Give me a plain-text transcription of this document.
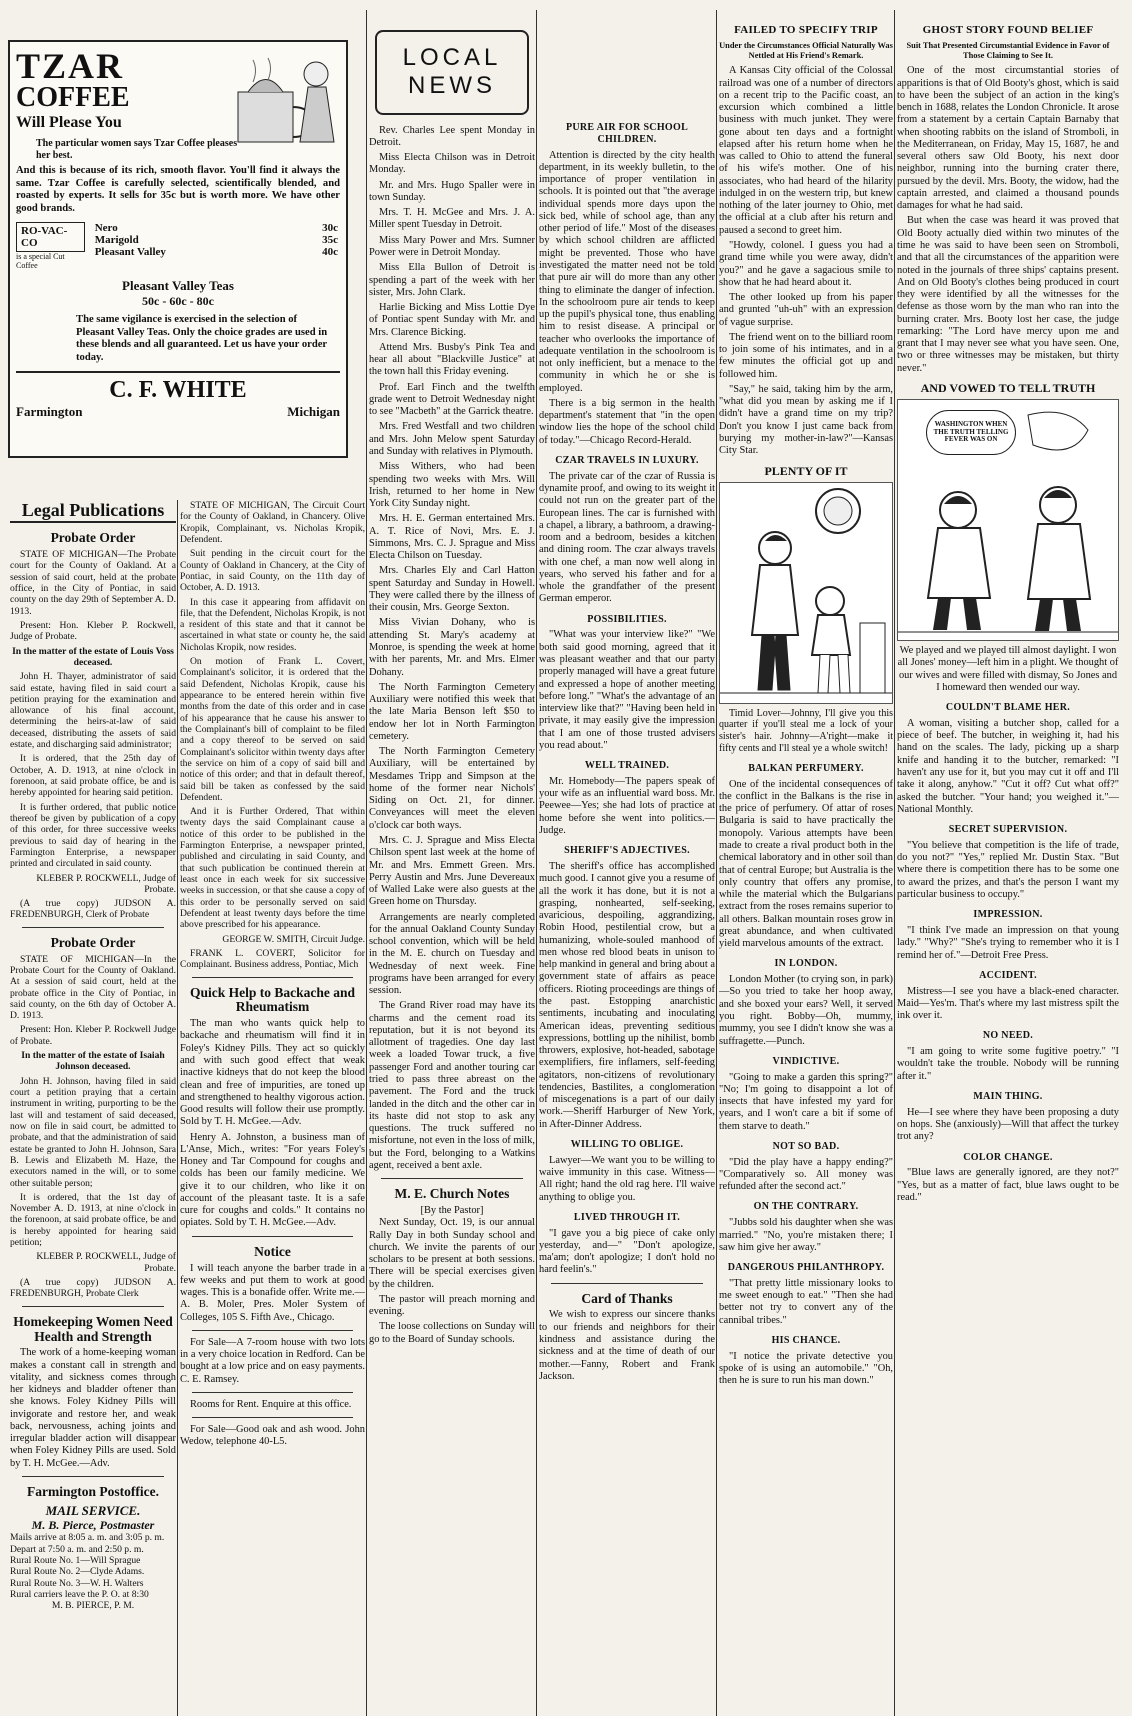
TZAR
COFFEE
Will Please You
The particular women says Tzar Coffee pleases her best.
And this is because of its rich, smooth flavor. You'll find it always the same. Tzar Coffee is carefully selected, scientifically blended, and roasted by experts. It sells for 35c but is worth more. We have other good brands.
RO-VAC-CO
is a special Cut Coffee
Nero	30c
Marigold	35c
Pleasant Valley	40c
Pleasant Valley Teas
50c - 60c - 80c
The same vigilance is exercised in the selection of Pleasant Valley Teas. Only the choice grades are used in these blends and all guaranteed. Let us have your order today.
C. F. WHITE
Farmington	Michigan
Legal Publications
Probate Order

STATE OF MICHIGAN—The Probate court for the County of Oakland. At a session of said court, held at the probate office, in the City of Pontiac, in said county on the day 29th of September A. D. 1913.

Present: Hon. Kleber P. Rockwell, Judge of Probate.

In the matter of the estate of Louis Voss deceased.

John H. Thayer, administrator of said said estate, having filed in said court a petition praying for the examination and allowance of his final account, determining the heirs-at-law of said deceased, distributing the assets of said estate, and discharging said administrator;

It is ordered, that the 25th day of October, A. D. 1913, at nine o'clock in forenoon, at said probate office, be and is hereby appointed for hearing said petition.

It is further ordered, that public notice thereof be given by publication of a copy of this order, for three successive weeks previous to said day of hearing in the Farmington Enterprise, a newspaper printed and circulated in said county.

KLEBER P. ROCKWELL, Judge of Probate.

(A true copy) JUDSON A. FREDENBURGH, Clerk of Probate

Probate Order

STATE OF MICHIGAN—In the Probate Court for the County of Oakland. At a session of said court, held at the probate office in the City of Pontiac, in said county, on the 6th day of October A. D. 1913.

Present: Hon. Kleber P. Rockwell Judge of Probate.

In the matter of the estate of Isaiah Johnson deceased.

John H. Johnson, having filed in said court a petition praying that a certain instrument in writing, purporting to be the last will and testament of said deceased, now on file in said court, be admitted to probate, and that the administration of said estate be granted to John H. Johnson, Sara B. Lewis and Elizabeth M. Haze, the executors named in the will, or to some other suitable person;

It is ordered, that the 1st day of November A. D. 1913, at nine o'clock in the forenoon, at said probate office, be and is hereby appointed for hearing said petition;

KLEBER P. ROCKWELL, Judge of Probate.

(A true copy) JUDSON A. FREDENBURGH, Probate Clerk

Homekeeping Women Need Health and Strength

The work of a home-keeping woman makes a constant call in strength and vitality, and sickness comes through her kidneys and bladder oftener than she knows. Foley Kidney Pills will invigorate and restore her, and weak back, nervousness, aching joints and irregular bladder action will disappear when Foley Kidney Pills are used. Sold by T. H. McGee.—Adv.

Farmington Postoffice.
MAIL SERVICE.
M. B. Pierce, Postmaster
Mails arrive at 8:05 a. m. and 3:05 p. m.
Depart at 7:50 a. m. and 2:50 p. m.
Rural Route No. 1—Will Sprague
Rural Route No. 2—Clyde Adams.
Rural Route No. 3—W. H. Walters
Rural carriers leave the P. O. at 8:30
M. B. PIERCE, P. M.

STATE OF MICHIGAN, The Circuit Court for the County of Oakland, in Chancery. Olive Kropik, Complainant, vs. Nicholas Kropik, Defendent.

Suit pending in the circuit court for the County of Oakland in Chancery, at the City of Pontiac, in said County, on the 11th day of October, A. D. 1913.

In this case it appearing from affidavit on file, that the Defendent, Nicholas Kropik, is not a resident of this state and that it cannot be ascertained in what state or county he, the said Nicholas Kropik, now resides.

On motion of Frank L. Covert, Complainant's solicitor, it is ordered that the said Defendent, Nicholas Kropik, cause his appearance to be entered herein within five months from the date of this order and in case of his appearance that he cause his answer to the Complainant's bill of complaint to be filed and a copy thereof to be served on said Complainant's solicitor within twenty days after the service on him of a copy of said bill and notice of this order; and that in default thereof, said bill be taken as confessed by the said Defendent.

And it is Further Ordered, That within twenty days the said Complainant cause a notice of this order to be published in the Farmington Enterprise, a newspaper printed, published and circulating in said County, and that such publication be continued therein at least once in each week for six successive weeks in succession, or that she cause a copy of this order to be personally served on said Defendent at least twenty days before the time above prescribed for his appearance.

GEORGE W. SMITH, Circuit Judge.

FRANK L. COVERT, Solicitor for Complainant. Business address, Pontiac, Mich

Quick Help to Backache and Rheumatism

The man who wants quick help to backache and rheumatism will find it in Foley's Kidney Pills. They act so quickly and with such good effect that weak inactive kidneys that do not keep the blood clean and free of impurities, are toned up and strengthened to healthy vigorous action. Good results will follow their use promptly. Sold by T. H. McGee.—Adv.

Henry A. Johnston, a business man of L'Anse, Mich., writes: "For years Foley's Honey and Tar Compound for coughs and colds has been our family medicine. We give it to our children, who like it on account of the pleasant taste. It is a safe cure for coughs and colds." It contains no opiates. Sold by T. H. McGee.—Adv.

Notice

I will teach anyone the barber trade in a few weeks and put them to work at good wages. This is a bonafide offer. Write me.—A. B. Moler, Pres. Moler System of Colleges, 105 S. Fifth Ave., Chicago.

For Sale—A 7-room house with two lots in a very choice location in Redford. Can be bought at a low price and on easy payments. C. E. Ramsey.

Rooms for Rent. Enquire at this office.

For Sale—Good oak and ash wood. John Wedow, telephone 40-L5.

LOCAL NEWS

Rev. Charles Lee spent Monday in Detroit.

Miss Electa Chilson was in Detroit Monday.

Mr. and Mrs. Hugo Spaller were in town Sunday.

Mrs. T. H. McGee and Mrs. J. A. Miller spent Tuesday in Detroit.

Miss Mary Power and Mrs. Sumner Power were in Detroit Monday.

Miss Ella Bullon of Detroit is spending a part of the week with her sister, Mrs. John Clark.

Harlie Bicking and Miss Lottie Dye of Pontiac spent Sunday with Mr. and Mrs. Clarence Bicking.

Attend Mrs. Busby's Pink Tea and hear all about "Blackville Justice" at the town hall this Friday evening.

Prof. Earl Finch and the twelfth grade went to Detroit Wednesday night to see "Macbeth" at the Garrick theatre.

Mrs. Fred Westfall and two children and Mrs. John Melow spent Saturday and Sunday with relatives in Plymouth.

Miss Withers, who had been spending two weeks with Mrs. Will Irish, returned to her home in New York City Sunday night.

Mrs. H. E. German entertained Mrs. A. T. Rice of Novi, Mrs. E. J. Simmons, Mrs. C. J. Sprague and Miss Electa Chilson on Tuesday.

Mrs. Charles Ely and Carl Hatton spent Saturday and Sunday in Howell. They were called there by the illness of their cousin, Mrs. George Sexton.

Miss Vivian Dohany, who is attending St. Mary's academy at Monroe, is spending the week at home with her parents, Mr. and Mrs. Elmer Dohany.

The North Farmington Cemetery Auxiliary were notified this week that the late Maria Benson left $50 to endow her lot in North Farmington cemetery.

The North Farmington Cemetery Auxiliary, will be entertained by Mesdames Tripp and Simpson at the home of the former near Nichols' Siding on Oct. 21, for dinner. Conveyances will meet the eleven o'clock car both ways.

Mrs. C. J. Sprague and Miss Electa Chilson spent last week at the home of Mr. and Mrs. Emmett Green. Mrs. Perry Austin and Mrs. June Devereaux of Walled Lake were also guests at the Green home on Thursday.

Arrangements are nearly completed for the annual Oakland County Sunday school convention, which will be held in the M. E. church on Tuesday and Wednesday of next week. Fine programs have been arranged for every session.

The Grand River road may have its charms and the cement road its reputation, but it is not beyond its allotment of tragedies. One day last week a loaded Towar truck, a five passenger Ford and another touring car tried to pass three abreast on the pavement. The Ford and the truck landed in the ditch and the other car in its haste did not stop to ask any questions. The truck suffered no misfortune, not even in the loss of milk, but the Ford, belonging to a Watkins agent, received a bent axle.

M. E. Church Notes
[By the Pastor]

Next Sunday, Oct. 19, is our annual Rally Day in both Sunday school and church. We invite the parents of our scholars to be present at both sessions. There will be special exercises given by the children.

The pastor will preach morning and evening.

The loose collections on Sunday will go to the Board of Sunday schools.

PURE AIR FOR SCHOOL CHILDREN.

Attention is directed by the city health department, in its weekly bulletin, to the importance of proper ventilation in schools. It is pointed out that "the average individual spends more days upon the sick bed, while of school age, than any other period of life." Most of the diseases by which school children are afflicted might be prevented. Those who have investigated the matter need not be told that pure air will do more than any other thing to eliminate the danger of infection. In the schoolroom pure air tends to keep up the pupil's physical tone, thus enabling him to resist disease. A principal or teacher who overlooks the importance of adequate ventilation in the schoolroom is not only inefficient, but a menace to the community in which he or she is employed.

There is a big sermon in the health department's statement that "in the open window lies the hope of the school child of today."—Chicago Record-Herald.

CZAR TRAVELS IN LUXURY.

The private car of the czar of Russia is dynamite proof, and owing to its weight it could not run on the greater part of the European lines. The car is furnished with a chapel, a library, a bathroom, a drawing-room and a bedroom, besides a kitchen and dining room. The czar always travels with one chef, a man now well along in years, who served his father and for a whole the grandfather of the present German emperor.

POSSIBILITIES.

"What was your interview like?" "We both said good morning, agreed that it was pleasant weather and that our party properly managed will have a great future and expressed a hope of another meeting before long." "What's the advantage of an interview like that?" "Having been held in private, it may easily give the impression that I am one of those trusted advisers you read about."

WELL TRAINED.

Mr. Homebody—The papers speak of your wife as an influential ward boss. Mr. Peewee—Yes; she had lots of practice at home before she went into politics.—Judge.

SHERIFF'S ADJECTIVES.

The sheriff's office has accomplished much good. I cannot give you a resume of all the work it has done, but it is not a grasping, nonhearted, self-seeking, avaricious, despoiling, aggrandizing, Robin Hood, pestilential crow, but a humanizing, whole-souled manhood of men whose red blood beats in unison to help mankind in general and bring about a government state of affairs as peace officers. Rioting proceedings are things of the past. Estopping anarchistic sentiments, incubating and inoculating American ideas, preventing seditious expressions, bottling up the nihilist, bomb throwers, explosive, hot-headed, sabotage exemplifiers, fire inflamers, self-feeding agitators, non-citizens of revolutionary tendencies, Bastilites, a conglomeration of miscegenations is a part of our daily work.—Sheriff Harburger of New York, in After-Dinner Address.

WILLING TO OBLIGE.

Lawyer—We want you to be willing to waive immunity in this case. Witness—All right; hand the old rag here. I'll waive anything to oblige you.

LIVED THROUGH IT.

"I gave you a big piece of cake only yesterday, and—" "Don't apologize, ma'am; don't apologize; I don't hold no hard feelin's."

Card of Thanks

We wish to express our sincere thanks to our friends and neighbors for their kindness and assistance during the sickness and at the time of death of our mother.—Fanny, Robert and Frank Jackson.

FAILED TO SPECIFY TRIP
Under the Circumstances Official Naturally Was Nettled at His Friend's Remark.

A Kansas City official of the Colossal railroad was one of a number of directors on a recent trip to the Pacific coast, an excursion which combined a little business with much junket. They were gone about ten days and a fortnight elapsed after his return home when he was called to Ohio to attend the funeral of his wife's mother. One of his associates, who had heard of the hilarity indulged in on the western trip, but knew nothing of the later journey to Ohio, met the official at a club after his return and paused a second to greet him.

"Howdy, colonel. I guess you had a grand time while you were away, didn't you?" and he gave a sagacious smile to show that he had heard about it.

The other looked up from his paper and grunted "uh-uh" with an expression of vague surprise.

The friend went on to the billiard room to join some of his intimates, and in a few minutes the official got up and followed him.

"Say," he said, taking him by the arm, "what did you mean by asking me if I didn't have a grand time on my trip? Don't you know I just came back from burying my mother-in-law?"—Kansas City Star.

PLENTY OF IT

Timid Lover—Johnny, I'll give you this quarter if you'll steal me a lock of your sister's hair. Johnny—A'right—make it fifty cents and I'll steal ye a whole switch!

BALKAN PERFUMERY.

One of the incidental consequences of the conflict in the Balkans is the rise in the price of perfumery. Of attar of roses Bulgaria is said to have practically the monopoly. Various attempts have been made to create a rival product both in the chemical laboratory and in other soil than that of central Europe; but Australia is the only country that offers any promise, while the material which the Bulgarians extract from the roses remains superior to all others. Balkan mountain roses grow in great abundance, and when cultivated yield marvelous amounts of the extract.

IN LONDON.

London Mother (to crying son, in park)—So you tried to take her hoop away, and she boxed your ears? Well, it served you right. Bobby—Oh, mummy, mummy, you see I didn't know she was a suffragette.—Punch.

VINDICTIVE.

"Going to make a garden this spring?" "No; I'm going to disappoint a lot of insects that have infested my yard for years, and I won't care a bit if some of them starve to death."

NOT SO BAD.

"Did the play have a happy ending?" "Comparatively so. All money was refunded after the second act."

ON THE CONTRARY.

"Jubbs sold his daughter when she was married." "No, you're mistaken there; I saw him give her away."

DANGEROUS PHILANTHROPY.

"That pretty little missionary looks to me sweet enough to eat." "Then she had better not try to convert any of the cannibal tribes."

HIS CHANCE.

"I notice the private detective you spoke of is using an automobile." "Oh, then he is sure to run his man down."

GHOST STORY FOUND BELIEF
Suit That Presented Circumstantial Evidence in Favor of Those Claiming to See It.

One of the most circumstantial stories of apparitions is that of Old Booty's ghost, which is said to have been the subject of an action in the king's bench in 1688, relates the London Chronicle. It arose from a statement by a certain Captain Barnaby that when shooting rabbits on the island of Stromboli, in the Mediterranean, on Friday, May 15, 1687, he and several others saw Old Booty, his next door neighbor, running into the burning crater there, pursued by the devil. Mrs. Booty, the widow, had the captain arrested, and claimed a thousand pounds damages for what he had said.

But when the case was heard it was proved that Old Booty actually died within two minutes of the time he was said to have been seen on Stromboli, and that all the circumstances of the apparition were noted in the journals of three ships' captains present. And on Old Booty's clothes being produced in court they were identified by all the witnesses for the defense as those worn by the man who ran into the burning crater. Mrs. Booty lost her case, the judge remarking: "The Lord have mercy upon me and grant that I may never see what you have seen. One, two or three witnesses may be mistaken, but thirty never."

AND VOWED TO TELL TRUTH
WASHINGTON WHEN THE TRUTH TELLING FEVER WAS ON

We played and we played till almost daylight. I won all Jones' money—left him in a plight. We thought of our wives and were filled with dismay, So Jones and I homeward then wended our way.

COULDN'T BLAME HER.

A woman, visiting a butcher shop, called for a piece of beef. The butcher, in weighing it, had his hand on the scales. The lady, picking up a sharp knife and handing it to the butcher, remarked: "I haven't any use for it, but you may cut it off and I'll take it along, anyhow." "Cut it off? Cut what off?" asked the butcher. "Your hand; you weighed it."—National Monthly.

SECRET SUPERVISION.

"You believe that competition is the life of trade, do you not?" "Yes," replied Mr. Dustin Stax. "But where there is competition there has to be some one to award the prizes, and that's the person I want my particular business to occupy."

IMPRESSION.

"I think I've made an impression on that young lady." "Why?" "She's trying to remember who it is I remind her of."—Detroit Free Press.

ACCIDENT.

Mistress—I see you have a black-ened character. Maid—Yes'm. That's where my last mistress spilt the ink over it.

NO NEED.

"I am going to write some fugitive poetry." "I wouldn't take the trouble. Nobody will be running after it."

MAIN THING.

He—I see where they have been proposing a duty on hops. She (anxiously)—Will that affect the turkey trot any?

COLOR CHANGE.

"Blue laws are generally ignored, are they not?" "Yes, but as a matter of fact, blue laws ought to be read."
